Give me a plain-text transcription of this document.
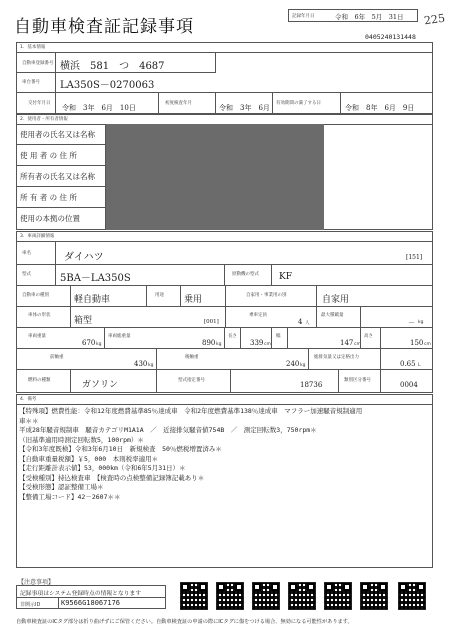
自動車検査証記録事項
記録年月日	令和　6年　5月　31日 225
0405240131448
1．基本情報
自動車登録番号 横浜　581　つ　4687
車台番号 LA350S－0270063
交付年月日
令和　3年　6月　10日
初度検査年月
令和　3年　6月
有効期間の満了する日
令和　8年　6月　9日
2．使用者・所有者情報
使用者の氏名又は名称
使 用 者 の 住 所
所有者の氏名又は名称
所 有 者 の 住 所
使用の本拠の位置
3．車両詳細情報
車名	ダイハツ	[151]
型式	5BA－LA350S	原動機の型式 KF
自動車の種別	軽自動車	用途 乗用	自家用・事業用の別	自家用
車体の形状
箱型	[001]
乗車定員
4 人
最大積載量
－ kg
車両重量
670 kg
車両総重量
890 kg
長さ
339 cm
幅
147 cm
高さ
150 cm
前軸重
430 kg
後軸重
240 kg
総排気量又は定格出力
0.65 L
燃料の種類	ガソリン	型式指定番号
18736
類別区分番号
0004
4．備考
【特殊項】燃費性能：令和12年度燃費基準85％達成車　令和2年度燃費基準138％達成車　マフラー加速騒音規制適用
車＊＊
平成28年騒音規制車　騒音カテゴリM1A1A　／　近接排気騒音値754B　／　測定回転数3，750rpm＊
（旧基準適用時測定回転数5，100rpm）＊
【令和3年度既検】令和3年6月10日　新規検査　50％燃税増置済み＊
【自動車重量税額】￥5，000　本則税率適用＊
【走行距離計表示値】53，000km（令和6年5月31日）＊
【受検種別】持込検査車　【検査時の点検整備記録簿記載あり＊
【受検形態】認証整備工場＊
【整備工場コード】42－2607＊＊
【注意事項】
記録事項はシステム登録時点の情報となります
非開示ID	K9566G18067176
自動車検査証のICタグ部分は折り曲げずにご保管ください。自動車検査証の申請の際にICタグに傷をつける場合、無効になる可能性があります。
